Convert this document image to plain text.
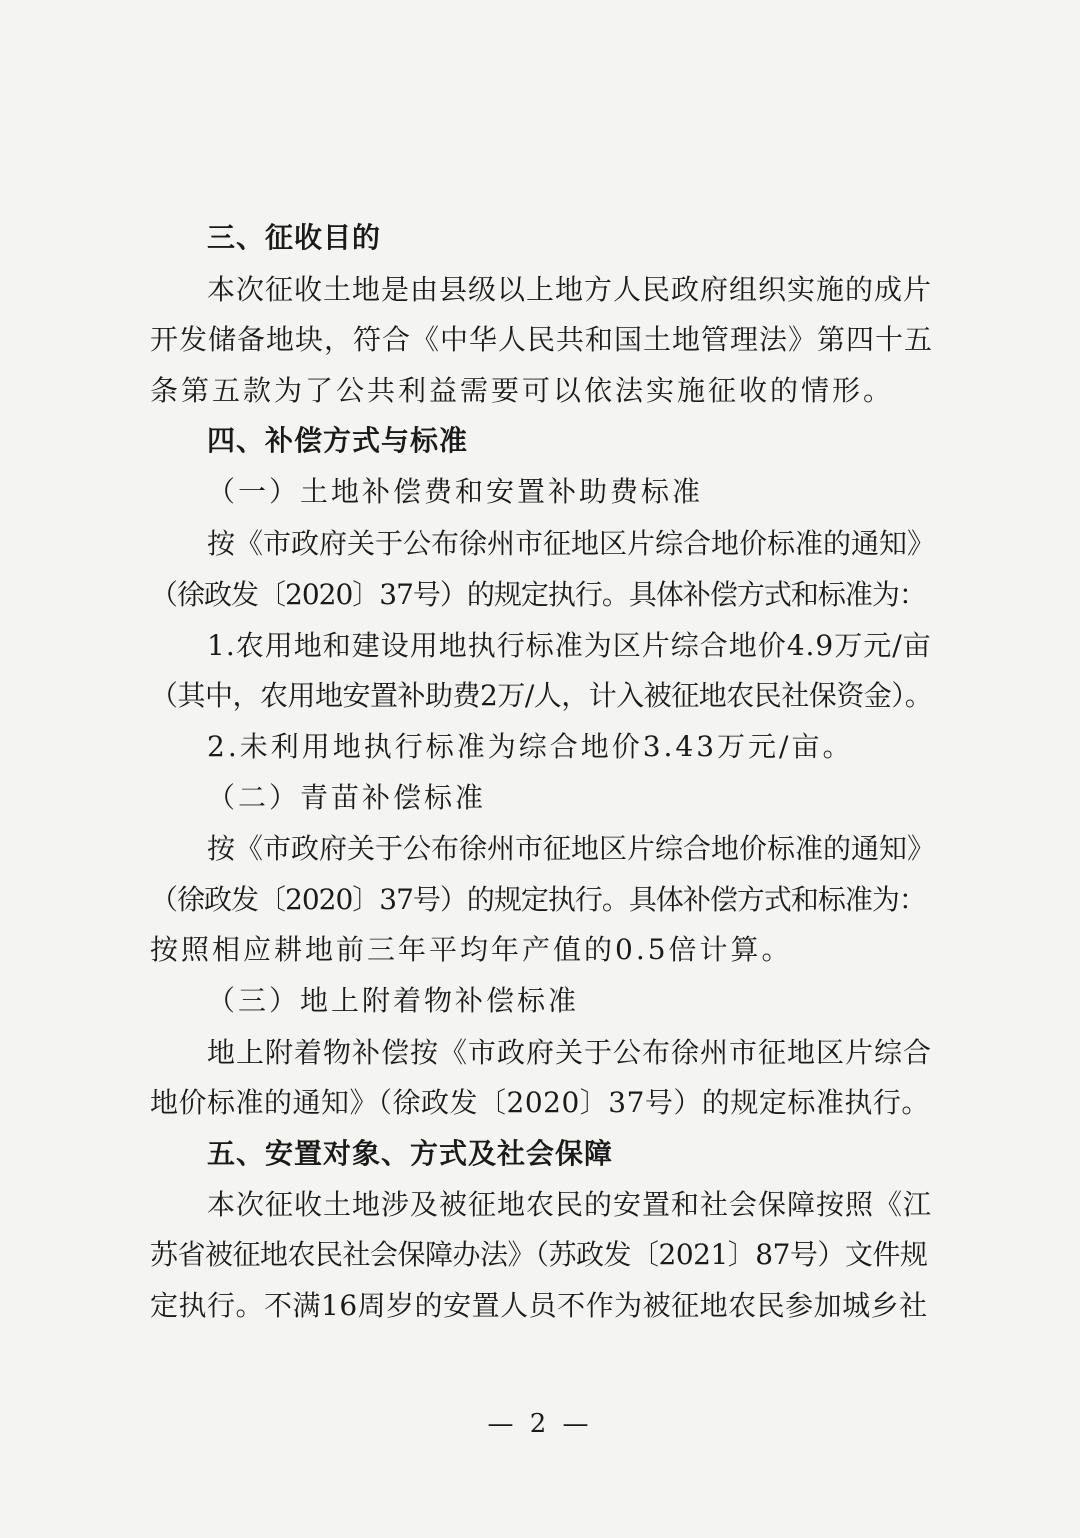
三、征收目的
本次征收土地是由县级以上地方人民政府组织实施的成片
开发储备地块，符合《中华人民共和国土地管理法》第四十五
条第五款为了公共利益需要可以依法实施征收的情形。
四、补偿方式与标准
（一）土地补偿费和安置补助费标准
按《市政府关于公布徐州市征地区片综合地价标准的通知》
（徐政发〔2020〕37号）的规定执行。具体补偿方式和标准为：
1.农用地和建设用地执行标准为区片综合地价4.9万元/亩
（其中，农用地安置补助费2万/人，计入被征地农民社保资金）。
2.未利用地执行标准为综合地价3.43万元/亩。
（二）青苗补偿标准
按《市政府关于公布徐州市征地区片综合地价标准的通知》
（徐政发〔2020〕37号）的规定执行。具体补偿方式和标准为：
按照相应耕地前三年平均年产值的0.5倍计算。
（三）地上附着物补偿标准
地上附着物补偿按《市政府关于公布徐州市征地区片综合
地价标准的通知》（徐政发〔2020〕37号）的规定标准执行。
五、安置对象、方式及社会保障
本次征收土地涉及被征地农民的安置和社会保障按照《江
苏省被征地农民社会保障办法》（苏政发〔2021〕87号）文件规
定执行。不满16周岁的安置人员不作为被征地农民参加城乡社
— 2 —
